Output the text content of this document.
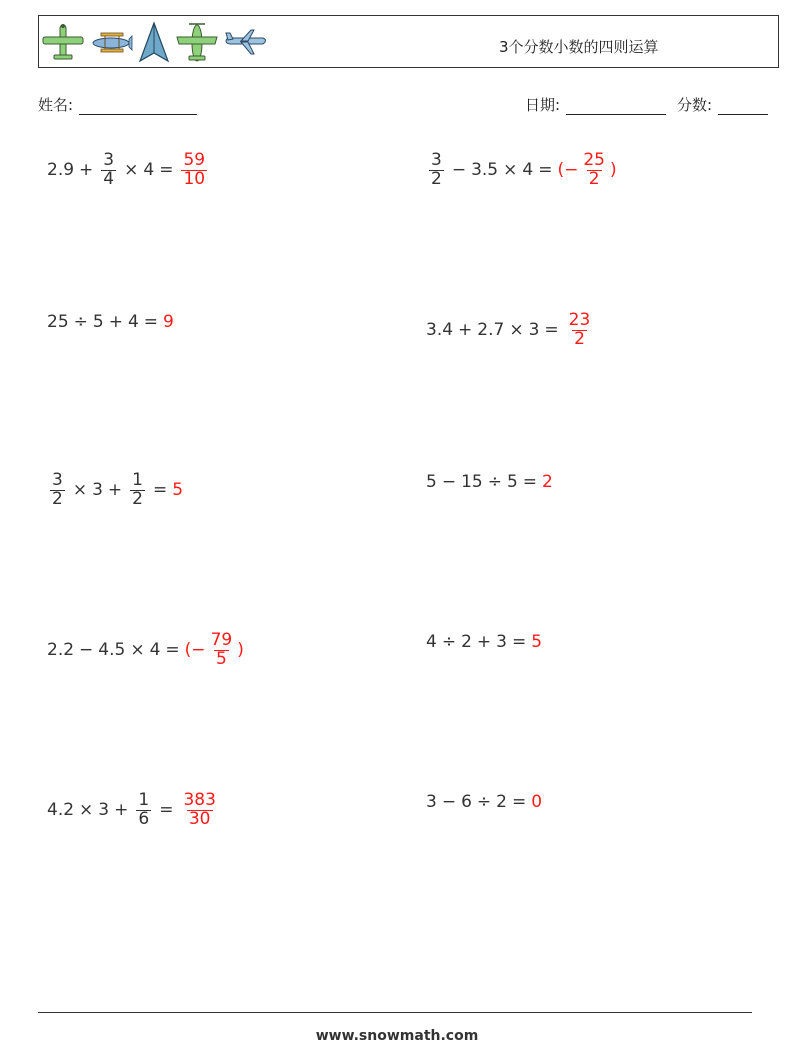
3个分数小数的四则运算
姓名:	日期:	分数:
$2.9 + \frac{3}{4} \times 4 = \frac{59}{10}$	$\frac{3}{2} - 3.5 \times 4$ = (− $\frac{25}{2}$ )
25 ÷ 5 + 4 = 9	$3.4 + 2.7 \times 3 = \frac{23}{2}$
$\frac{3}{2} \times 3 + \frac{1}{2} = 5$	5 − 15 ÷ 5 = 2
2.2 − 4.5 × 4 = (− $\frac{79}{5}$ )	4 ÷ 2 + 3 = 5
$4.2 \times 3 + \frac{1}{6} = \frac{383}{30}$	3 − 6 ÷ 2 = 0
www.snowmath.com
